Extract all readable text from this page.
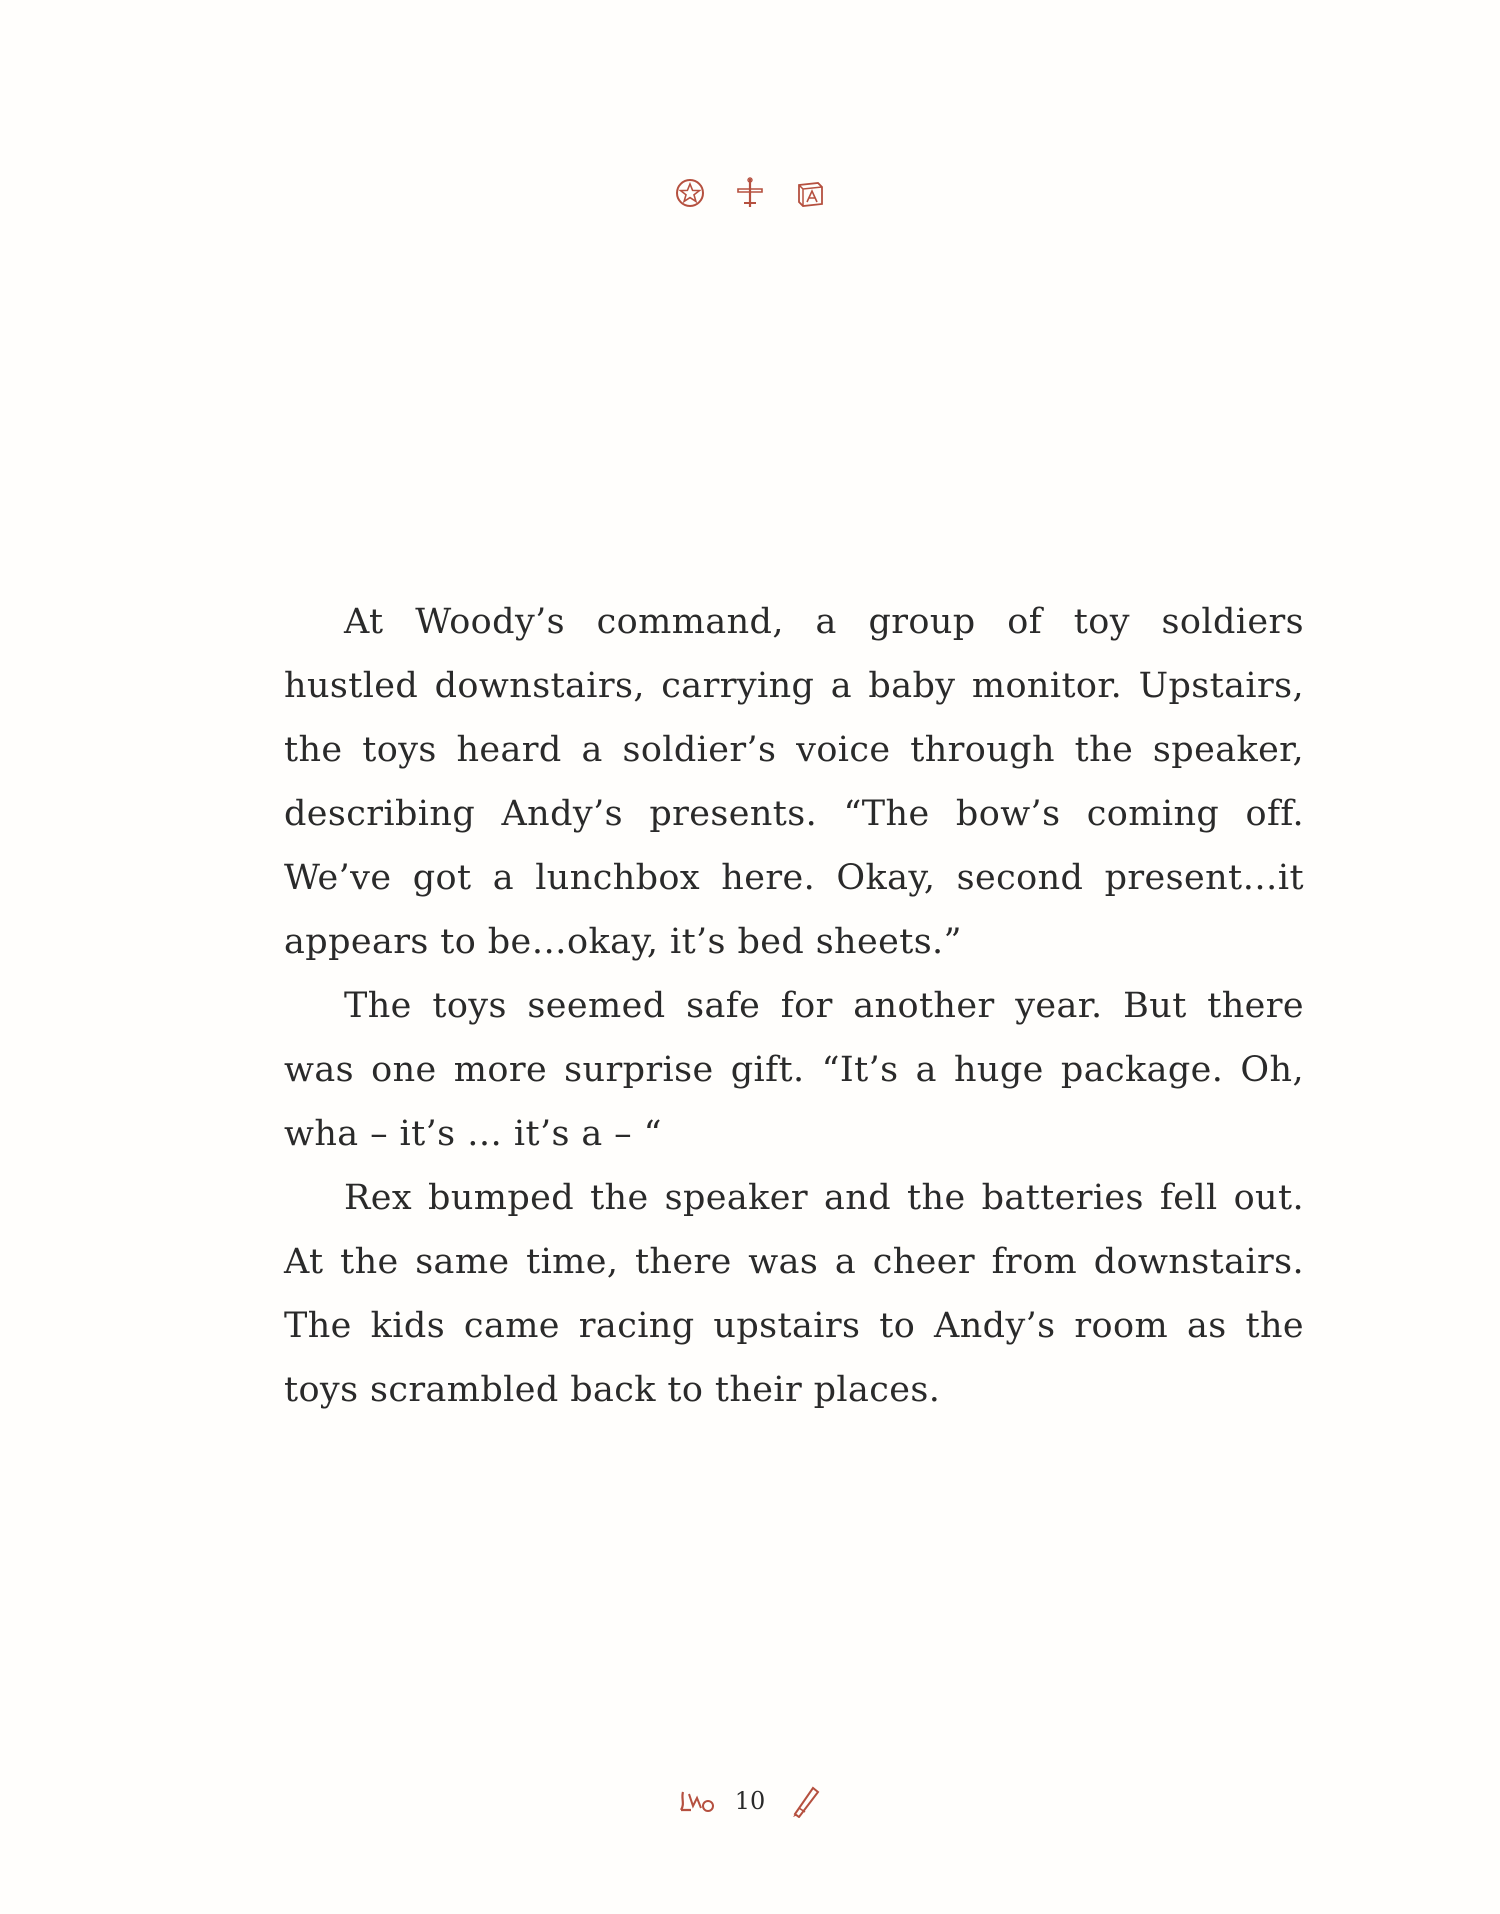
At Woody’s command, a group of toy soldiers hustled downstairs, carrying a baby monitor. Upstairs, the toys heard a soldier’s voice through the speaker, describing Andy’s presents. “The bow’s coming off. We’ve got a lunchbox here. Okay, second present…it appears to be…okay, it’s bed sheets.”

The toys seemed safe for another year. But there was one more surprise gift. “It’s a huge package. Oh, wha – it’s … it’s a – “

Rex bumped the speaker and the batteries fell out. At the same time, there was a cheer from downstairs. The kids came racing upstairs to Andy’s room as the toys scrambled back to their places.

10
